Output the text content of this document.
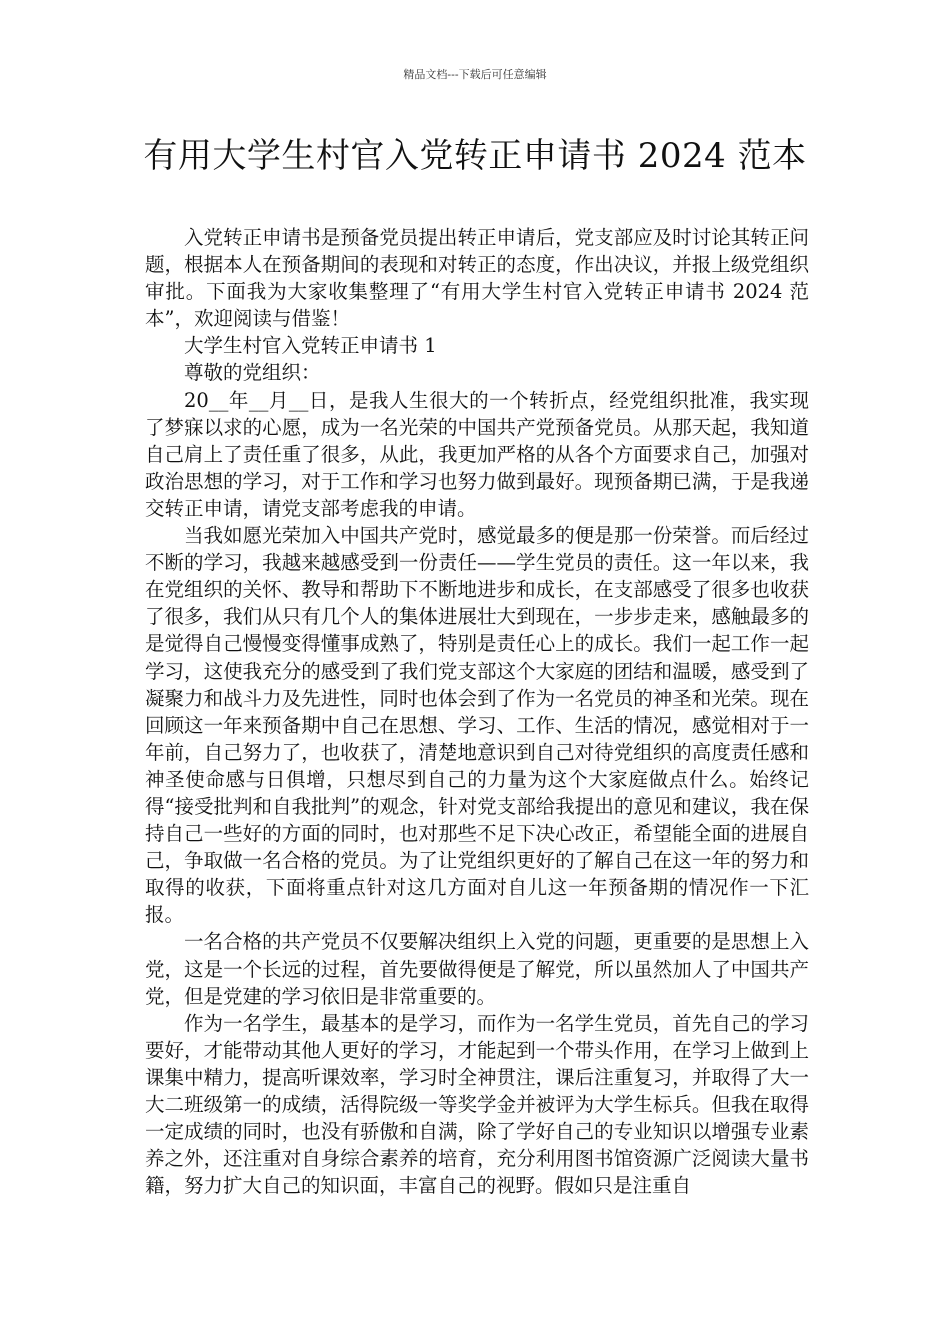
精品文档---下载后可任意编辑
有用大学生村官入党转正申请书 2024 范本

入党转正申请书是预备党员提出转正申请后，党支部应及时讨论其转正问题，根据本人在预备期间的表现和对转正的态度，作出决议，并报上级党组织审批。下面我为大家收集整理了“有用大学生村官入党转正申请书 2024 范本”，欢迎阅读与借鉴！

大学生村官入党转正申请书 1

尊敬的党组织：

20__年__月__日，是我人生很大的一个转折点，经党组织批准，我实现了梦寐以求的心愿，成为一名光荣的中国共产党预备党员。从那天起，我知道自己肩上了责任重了很多，从此，我更加严格的从各个方面要求自己，加强对政治思想的学习，对于工作和学习也努力做到最好。现预备期已满，于是我递交转正申请，请党支部考虑我的申请。

当我如愿光荣加入中国共产党时，感觉最多的便是那一份荣誉。而后经过不断的学习，我越来越感受到一份责任——学生党员的责任。这一年以来，我在党组织的关怀、教导和帮助下不断地进步和成长，在支部感受了很多也收获了很多，我们从只有几个人的集体进展壮大到现在，一步步走来，感触最多的是觉得自己慢慢变得懂事成熟了，特别是责任心上的成长。我们一起工作一起学习，这使我充分的感受到了我们党支部这个大家庭的团结和温暖，感受到了凝聚力和战斗力及先进性，同时也体会到了作为一名党员的神圣和光荣。现在回顾这一年来预备期中自己在思想、学习、工作、生活的情况，感觉相对于一年前，自己努力了，也收获了，清楚地意识到自己对待党组织的高度责任感和神圣使命感与日俱增，只想尽到自己的力量为这个大家庭做点什么。始终记得“接受批判和自我批判”的观念，针对党支部给我提出的意见和建议，我在保持自己一些好的方面的同时，也对那些不足下决心改正，希望能全面的进展自己，争取做一名合格的党员。为了让党组织更好的了解自己在这一年的努力和取得的收获，下面将重点针对这几方面对自儿这一年预备期的情况作一下汇报。

一名合格的共产党员不仅要解决组织上入党的问题，更重要的是思想上入党，这是一个长远的过程，首先要做得便是了解党，所以虽然加人了中国共产党，但是党建的学习依旧是非常重要的。

作为一名学生，最基本的是学习，而作为一名学生党员，首先自己的学习要好，才能带动其他人更好的学习，才能起到一个带头作用，在学习上做到上课集中精力，提高听课效率，学习时全神贯注，课后注重复习，并取得了大一大二班级第一的成绩，活得院级一等奖学金并被评为大学生标兵。但我在取得一定成绩的同时，也没有骄傲和自满，除了学好自己的专业知识以增强专业素养之外，还注重对自身综合素养的培育，充分利用图书馆资源广泛阅读大量书籍，努力扩大自己的知识面，丰富自己的视野。假如只是注重自
